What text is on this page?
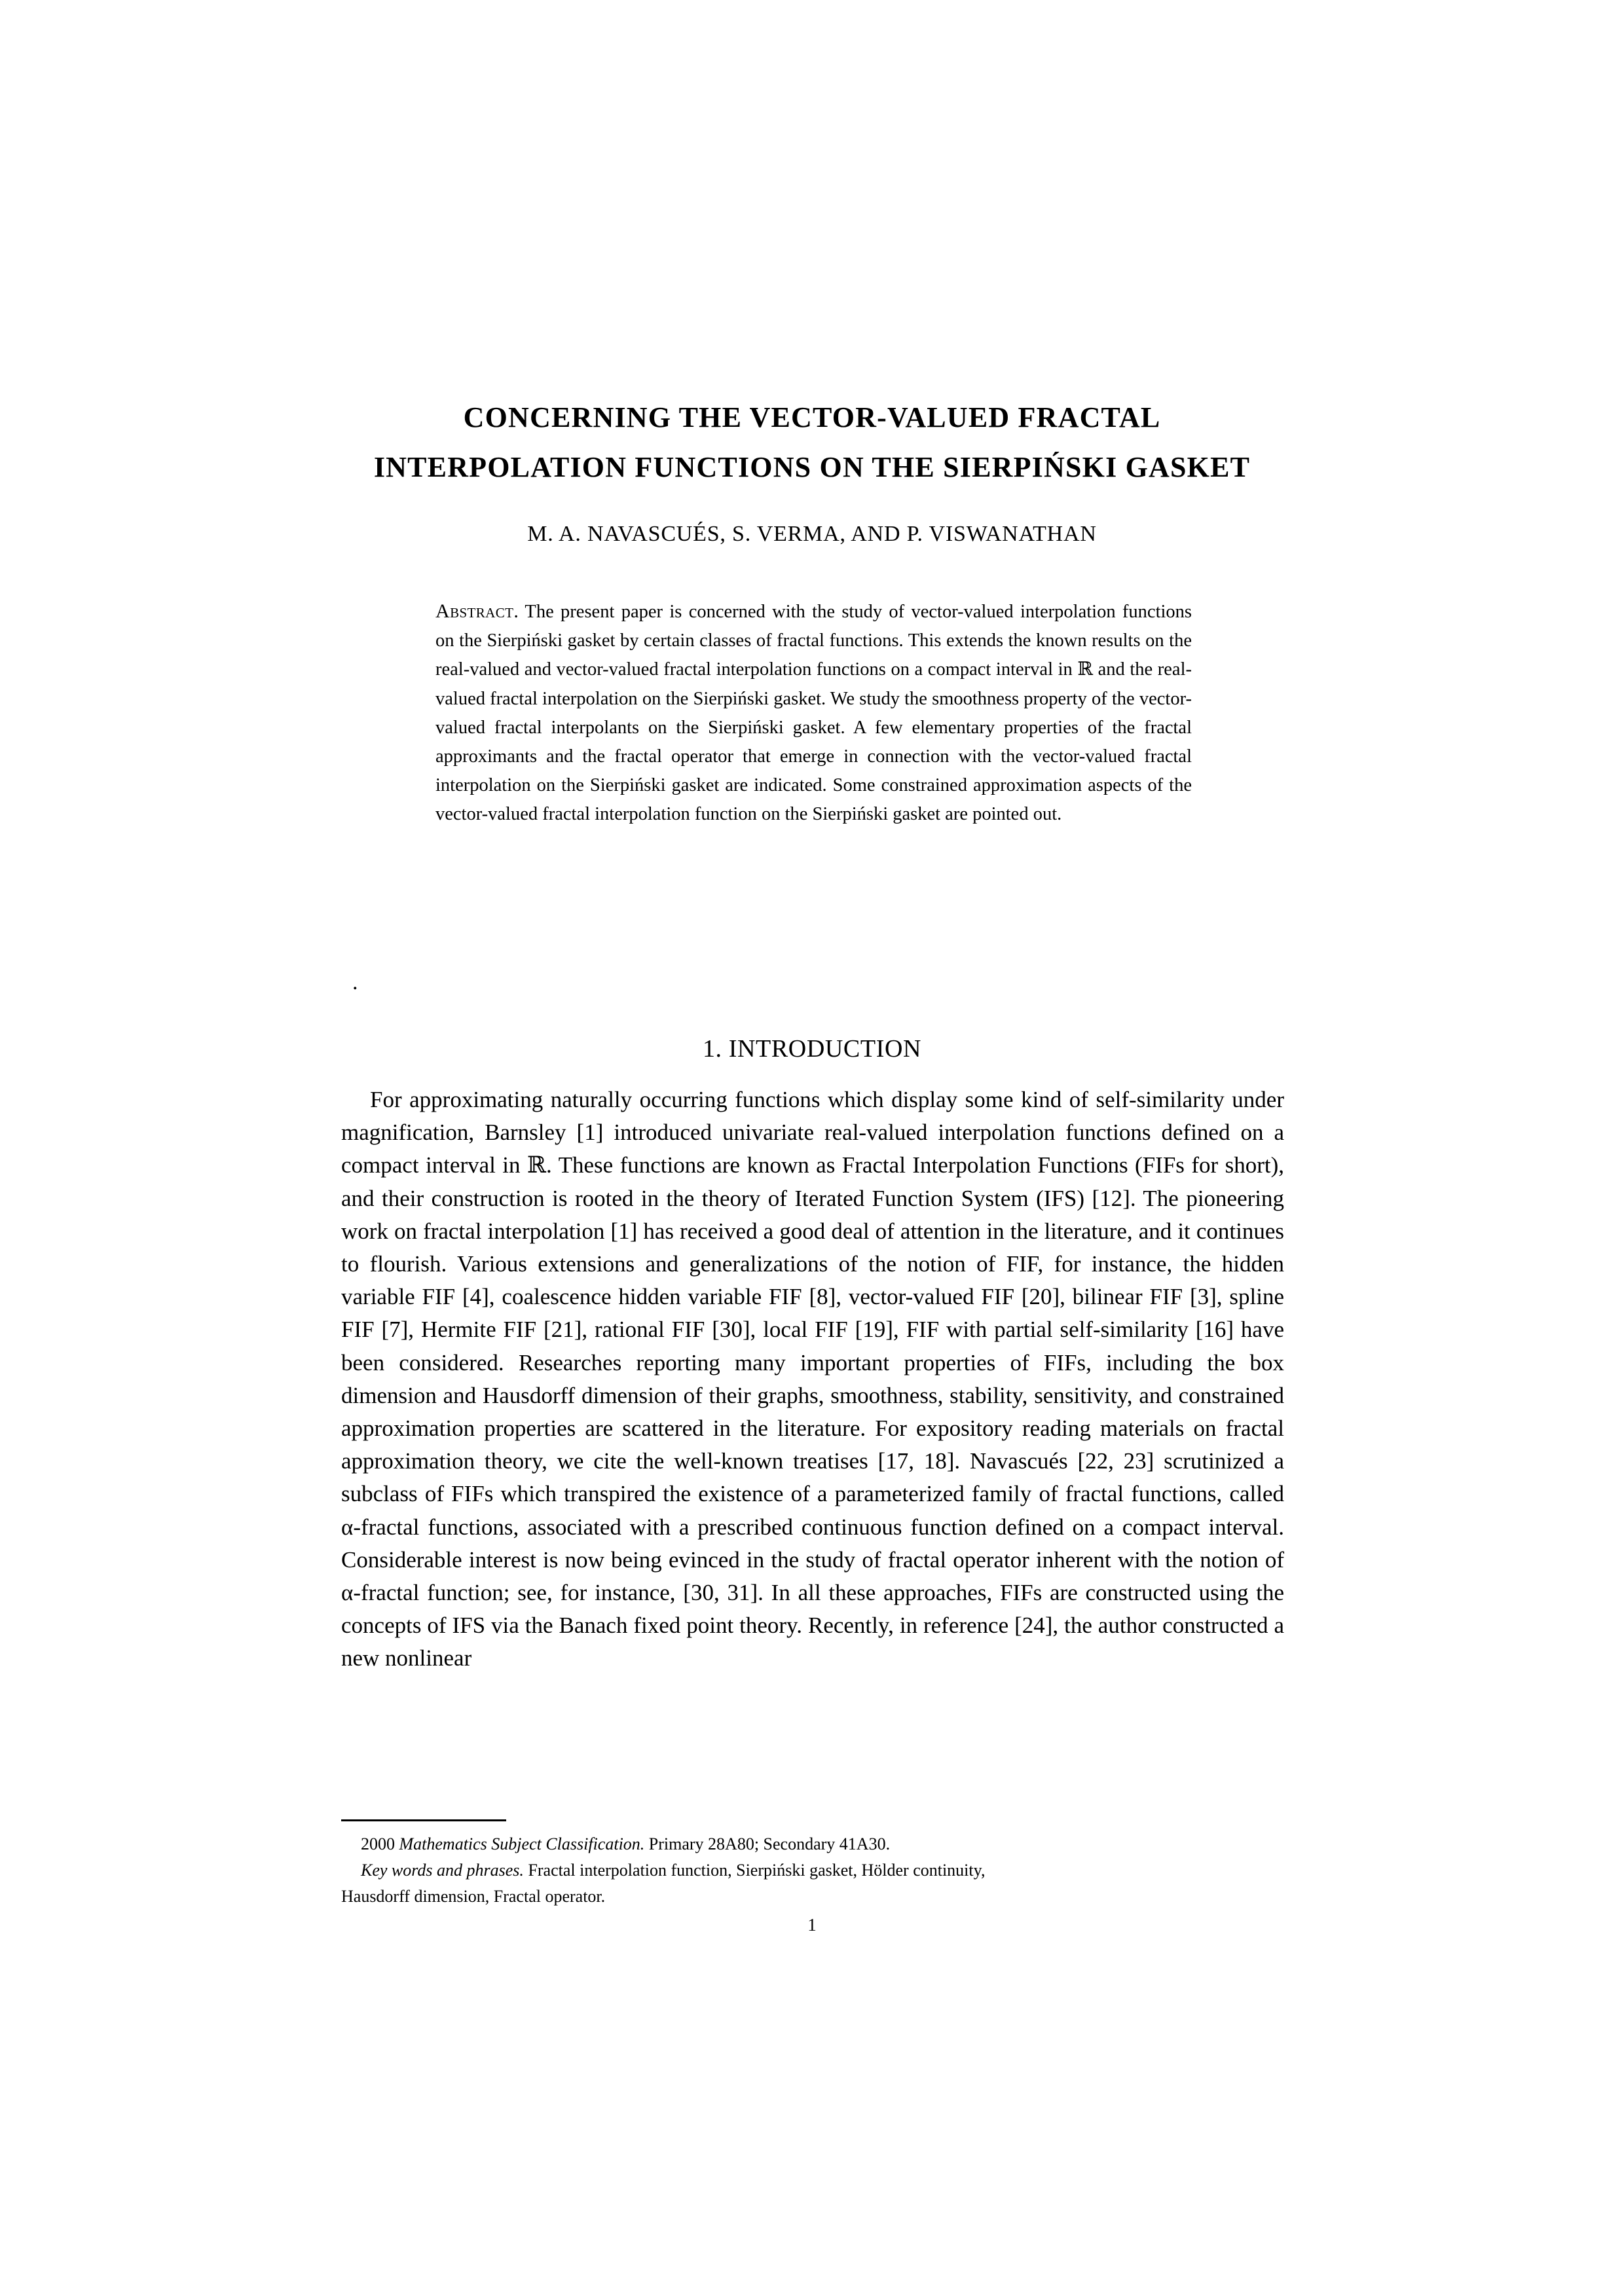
CONCERNING THE VECTOR-VALUED FRACTAL
INTERPOLATION FUNCTIONS ON THE SIERPIŃSKI GASKET
M. A. NAVASCUÉS, S. VERMA, AND P. VISWANATHAN
Abstract. The present paper is concerned with the study of vector-valued interpolation functions on the Sierpiński gasket by certain classes of fractal functions. This extends the known results on the real-valued and vector-valued fractal interpolation functions on a compact interval in ℝ and the real-valued fractal interpolation on the Sierpiński gasket. We study the smoothness property of the vector-valued fractal interpolants on the Sierpiński gasket. A few elementary properties of the fractal approximants and the fractal operator that emerge in connection with the vector-valued fractal interpolation on the Sierpiński gasket are indicated. Some constrained approximation aspects of the vector-valued fractal interpolation function on the Sierpiński gasket are pointed out.
.
1. INTRODUCTION

For approximating naturally occurring functions which display some kind of self-similarity under magnification, Barnsley [1] introduced univariate real-valued interpolation functions defined on a compact interval in ℝ. These functions are known as Fractal Interpolation Functions (FIFs for short), and their construction is rooted in the theory of Iterated Function System (IFS) [12]. The pioneering work on fractal interpolation [1] has received a good deal of attention in the literature, and it continues to flourish. Various extensions and generalizations of the notion of FIF, for instance, the hidden variable FIF [4], coalescence hidden variable FIF [8], vector-valued FIF [20], bilinear FIF [3], spline FIF [7], Hermite FIF [21], rational FIF [30], local FIF [19], FIF with partial self-similarity [16] have been considered. Researches reporting many important properties of FIFs, including the box dimension and Hausdorff dimension of their graphs, smoothness, stability, sensitivity, and constrained approximation properties are scattered in the literature. For expository reading materials on fractal approximation theory, we cite the well-known treatises [17, 18]. Navascués [22, 23] scrutinized a subclass of FIFs which transpired the existence of a parameterized family of fractal functions, called α-fractal functions, associated with a prescribed continuous function defined on a compact interval. Considerable interest is now being evinced in the study of fractal operator inherent with the notion of α-fractal function; see, for instance, [30, 31]. In all these approaches, FIFs are constructed using the concepts of IFS via the Banach fixed point theory. Recently, in reference [24], the author constructed a new nonlinear

2000 Mathematics Subject Classification. Primary 28A80; Secondary 41A30.
Key words and phrases. Fractal interpolation function, Sierpiński gasket, Hölder continuity,
Hausdorff dimension, Fractal operator.
1
